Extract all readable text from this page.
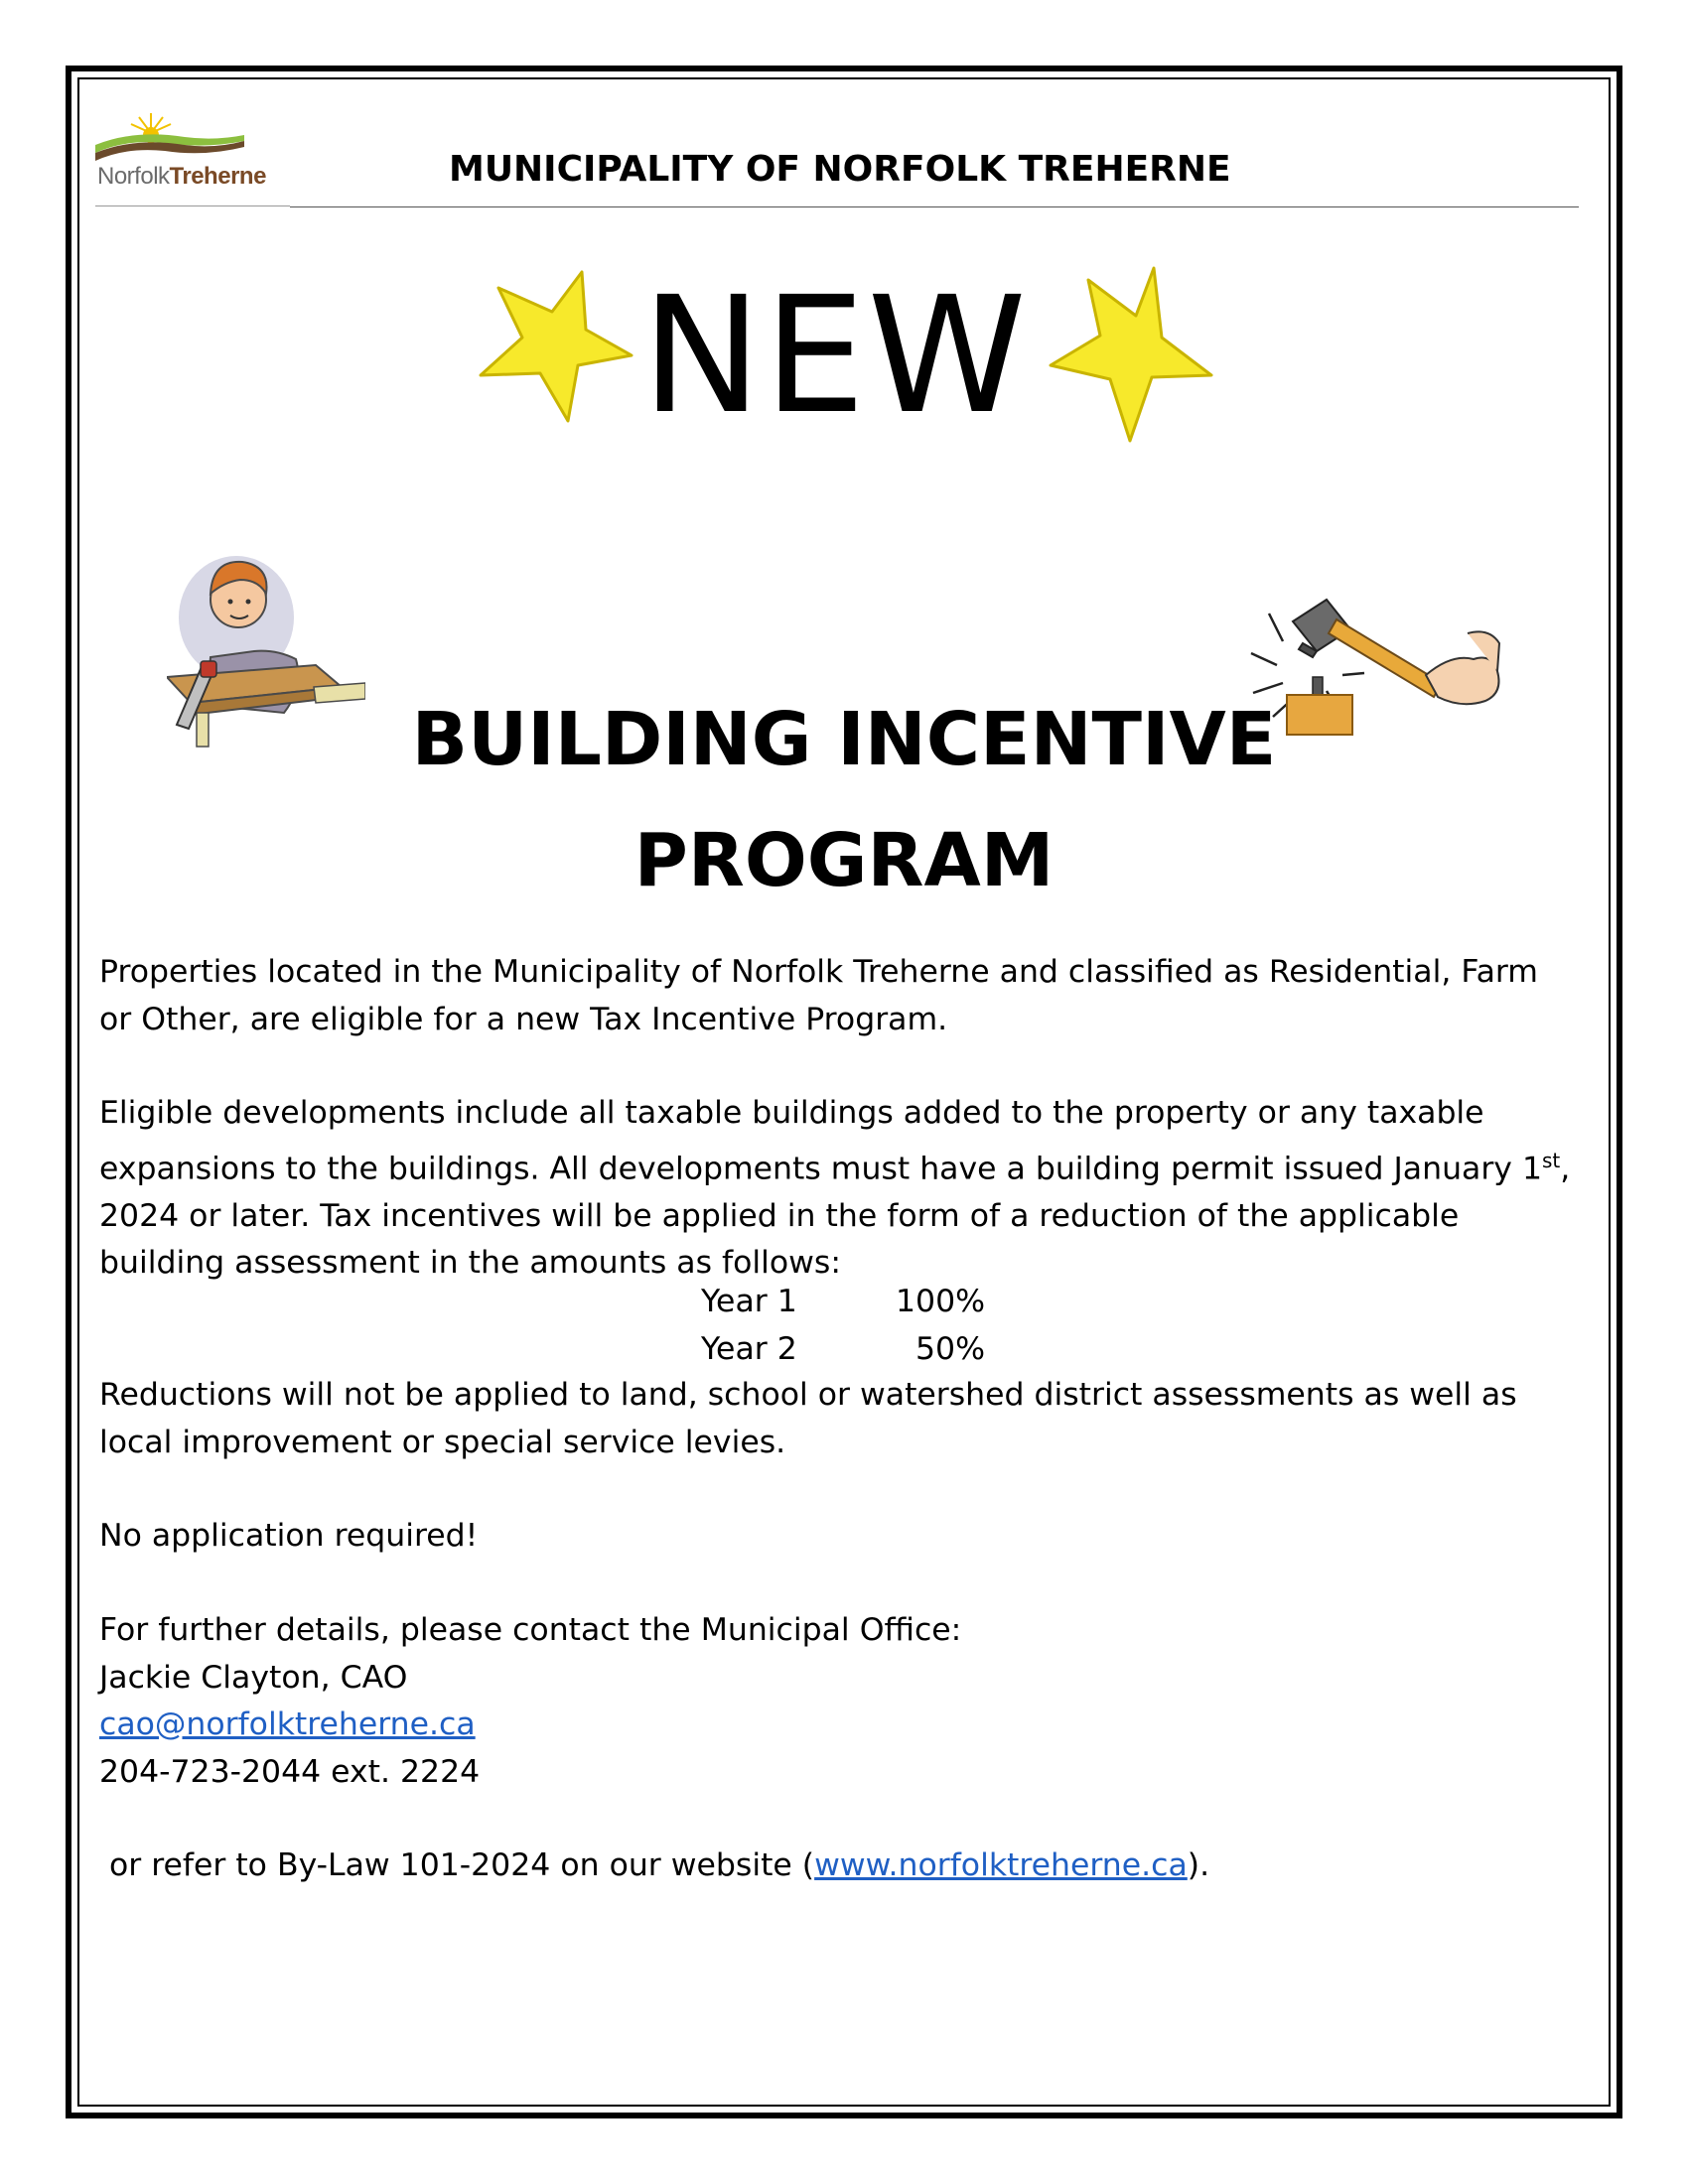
NorfolkTreherne	MUNICIPALITY OF NORFOLK TREHERNE
NEW
BUILDING INCENTIVE
PROGRAM
Properties located in the Municipality of Norfolk Treherne and classified as Residential, Farm
or Other, are eligible for a new Tax Incentive Program.
Eligible developments include all taxable buildings added to the property or any taxable
expansions to the buildings. All developments must have a building permit issued January 1st,
2024 or later. Tax incentives will be applied in the form of a reduction of the applicable
building assessment in the amounts as follows:
Year 1	100%
Year 2	50%
Reductions will not be applied to land, school or watershed district assessments as well as
local improvement or special service levies.
No application required!
For further details, please contact the Municipal Office:
Jackie Clayton, CAO
cao@norfolktreherne.ca
204-723-2044 ext. 2224
or refer to By-Law 101-2024 on our website (www.norfolktreherne.ca).
